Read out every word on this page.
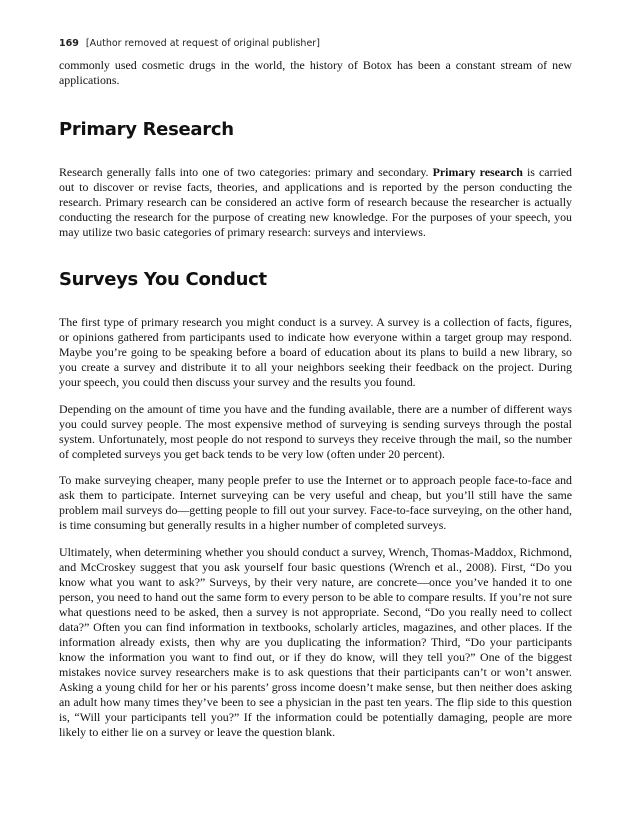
169 [Author removed at request of original publisher]

commonly used cosmetic drugs in the world, the history of Botox has been a constant stream of new applications.

Primary Research

Research generally falls into one of two categories: primary and secondary. Primary research is carried out to discover or revise facts, theories, and applications and is reported by the person conducting the research. Primary research can be considered an active form of research because the researcher is actually conducting the research for the purpose of creating new knowledge. For the purposes of your speech, you may utilize two basic categories of primary research: surveys and interviews.

Surveys You Conduct

The first type of primary research you might conduct is a survey. A survey is a collection of facts, figures, or opinions gathered from participants used to indicate how everyone within a target group may respond. Maybe you’re going to be speaking before a board of education about its plans to build a new library, so you create a survey and distribute it to all your neighbors seeking their feedback on the project. During your speech, you could then discuss your survey and the results you found.

Depending on the amount of time you have and the funding available, there are a number of different ways you could survey people. The most expensive method of surveying is sending surveys through the postal system. Unfortunately, most people do not respond to surveys they receive through the mail, so the number of completed surveys you get back tends to be very low (often under 20 percent).

To make surveying cheaper, many people prefer to use the Internet or to approach people face-to-face and ask them to participate. Internet surveying can be very useful and cheap, but you’ll still have the same problem mail surveys do—getting people to fill out your survey. Face-to-face surveying, on the other hand, is time consuming but generally results in a higher number of completed surveys.

Ultimately, when determining whether you should conduct a survey, Wrench, Thomas-Maddox, Richmond, and McCroskey suggest that you ask yourself four basic questions (Wrench et al., 2008). First, “Do you know what you want to ask?” Surveys, by their very nature, are concrete—once you’ve handed it to one person, you need to hand out the same form to every person to be able to compare results. If you’re not sure what questions need to be asked, then a survey is not appropriate. Second, “Do you really need to collect data?” Often you can find information in textbooks, scholarly articles, magazines, and other places. If the information already exists, then why are you duplicating the information? Third, “Do your participants know the information you want to find out, or if they do know, will they tell you?” One of the biggest mistakes novice survey researchers make is to ask questions that their participants can’t or won’t answer. Asking a young child for her or his parents’ gross income doesn’t make sense, but then neither does asking an adult how many times they’ve been to see a physician in the past ten years. The flip side to this question is, “Will your participants tell you?” If the information could be potentially damaging, people are more likely to either lie on a survey or leave the question blank.
